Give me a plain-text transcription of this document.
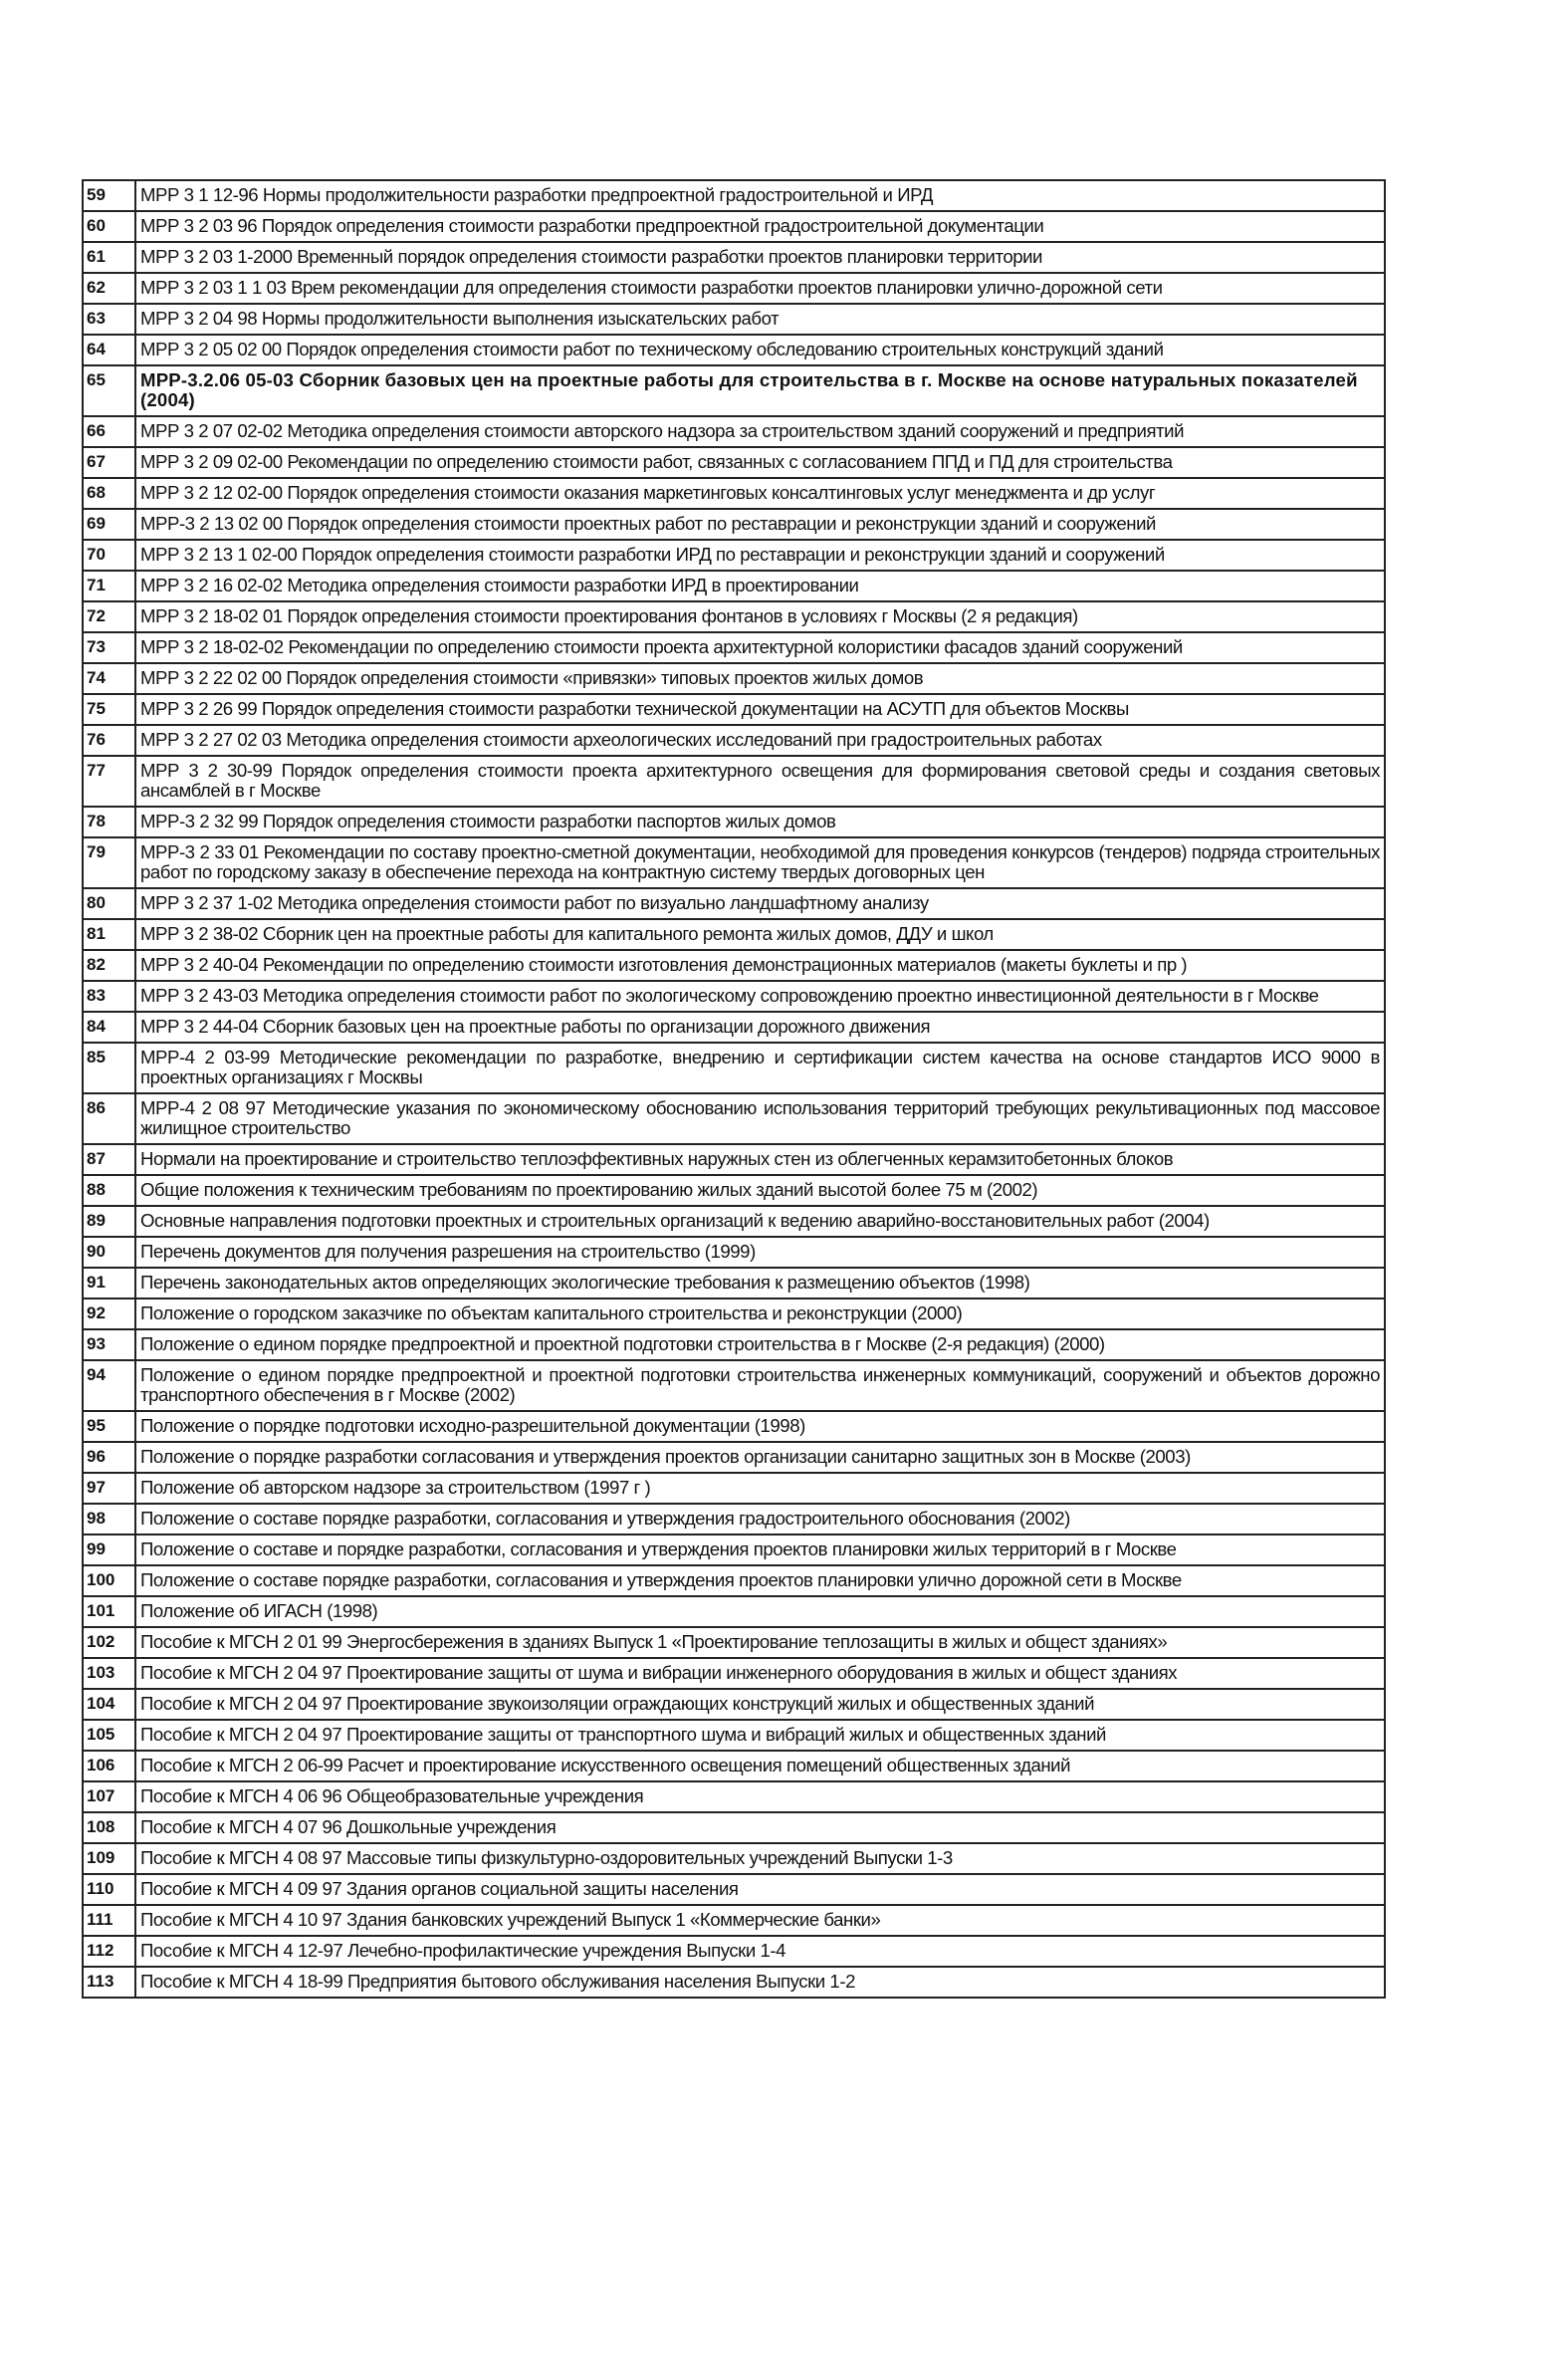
59	МРР 3 1 12-96 Нормы продолжительности разработки предпроектной градостроительной и ИРД
60	МРР 3 2 03 96 Порядок определения стоимости разработки предпроектной градостроительной документации
61	МРР 3 2 03 1-2000 Временный порядок определения стоимости разработки проектов планировки территории
62	МРР 3 2 03 1 1 03 Врем рекомендации для определения стоимости разработки проектов планировки улично-дорожной сети
63	МРР 3 2 04 98 Нормы продолжительности выполнения изыскательских работ
64	МРР 3 2 05 02 00 Порядок определения стоимости работ по техническому обследованию строительных конструкций зданий
65	МРР-3.2.06 05-03 Сборник базовых цен на проектные работы для строительства в г. Москве на основе натуральных показателей (2004)
66	МРР 3 2 07 02-02 Методика определения стоимости авторского надзора за строительством зданий сооружений и предприятий
67	МРР 3 2 09 02-00 Рекомендации по определению стоимости работ, связанных с согласованием ППД и ПД для строительства
68	МРР 3 2 12 02-00 Порядок определения стоимости оказания маркетинговых консалтинговых услуг менеджмента и др услуг
69	МРР-3 2 13 02 00 Порядок определения стоимости проектных работ по реставрации и реконструкции зданий и сооружений
70	МРР 3 2 13 1 02-00 Порядок определения стоимости разработки ИРД по реставрации и реконструкции зданий и сооружений
71	МРР 3 2 16 02-02 Методика определения стоимости разработки ИРД в проектировании
72	МРР 3 2 18-02 01 Порядок определения стоимости проектирования фонтанов в условиях г Москвы (2 я редакция)
73	МРР 3 2 18-02-02 Рекомендации по определению стоимости проекта архитектурной колористики фасадов зданий сооружений
74	МРР 3 2 22 02 00 Порядок определения стоимости «привязки» типовых проектов жилых домов
75	МРР 3 2 26 99 Порядок определения стоимости разработки технической документации на АСУТП для объектов Москвы
76	МРР 3 2 27 02 03 Методика определения стоимости археологических исследований при градостроительных работах
77	МРР 3 2 30-99 Порядок определения стоимости проекта архитектурного освещения для формирования световой среды и создания световых ансамблей в г Москве
78	МРР-3 2 32 99 Порядок определения стоимости разработки паспортов жилых домов
79	МРР-3 2 33 01 Рекомендации по составу проектно-сметной документации, необходимой для проведения конкурсов (тендеров) подряда строительных работ по городскому заказу в обеспечение перехода на контрактную систему твердых договорных цен
80	МРР 3 2 37 1-02 Методика определения стоимости работ по визуально ландшафтному анализу
81	МРР 3 2 38-02 Сборник цен на проектные работы для капитального ремонта жилых домов, ДДУ и школ
82	МРР 3 2 40-04 Рекомендации по определению стоимости изготовления демонстрационных материалов (макеты буклеты и пр )
83	МРР 3 2 43-03 Методика определения стоимости работ по экологическому сопровождению проектно инвестиционной деятельности в г Москве
84	МРР 3 2 44-04 Сборник базовых цен на проектные работы по организации дорожного движения
85	МРР-4 2 03-99 Методические рекомендации по разработке, внедрению и сертификации систем качества на основе стандартов ИСО 9000 в проектных организациях г Москвы
86	МРР-4 2 08 97 Методические указания по экономическому обоснованию использования территорий требующих рекультивационных под массовое жилищное строительство
87	Нормали на проектирование и строительство теплоэффективных наружных стен из облегченных керамзитобетонных блоков
88	Общие положения к техническим требованиям по проектированию жилых зданий высотой более 75 м (2002)
89	Основные направления подготовки проектных и строительных организаций к ведению аварийно-восстановительных работ (2004)
90	Перечень документов для получения разрешения на строительство (1999)
91	Перечень законодательных актов определяющих экологические требования к размещению объектов (1998)
92	Положение о городском заказчике по объектам капитального строительства и реконструкции (2000)
93	Положение о едином порядке предпроектной и проектной подготовки строительства в г Москве (2-я редакция) (2000)
94	Положение о едином порядке предпроектной и проектной подготовки строительства инженерных коммуникаций, сооружений и объектов дорожно транспортного обеспечения в г Москве (2002)
95	Положение о порядке подготовки исходно-разрешительной документации (1998)
96	Положение о порядке разработки согласования и утверждения проектов организации санитарно защитных зон в Москве (2003)
97	Положение об авторском надзоре за строительством (1997 г )
98	Положение о составе порядке разработки, согласования и утверждения градостроительного обоснования (2002)
99	Положение о составе и порядке разработки, согласования и утверждения проектов планировки жилых территорий в г Москве
100	Положение о составе порядке разработки, согласования и утверждения проектов планировки улично дорожной сети в Москве
101	Положение об ИГАСН (1998)
102	Пособие к МГСН 2 01 99 Энергосбережения в зданиях Выпуск 1 «Проектирование теплозащиты в жилых и общест зданиях»
103	Пособие к МГСН 2 04 97 Проектирование защиты от шума и вибрации инженерного оборудования в жилых и общест зданиях
104	Пособие к МГСН 2 04 97 Проектирование звукоизоляции ограждающих конструкций жилых и общественных зданий
105	Пособие к МГСН 2 04 97 Проектирование защиты от транспортного шума и вибраций жилых и общественных зданий
106	Пособие к МГСН 2 06-99 Расчет и проектирование искусственного освещения помещений общественных зданий
107	Пособие к МГСН 4 06 96 Общеобразовательные учреждения
108	Пособие к МГСН 4 07 96 Дошкольные учреждения
109	Пособие к МГСН 4 08 97 Массовые типы физкультурно-оздоровительных учреждений Выпуски 1-3
110	Пособие к МГСН 4 09 97 Здания органов социальной защиты населения
111	Пособие к МГСН 4 10 97 Здания банковских учреждений Выпуск 1 «Коммерческие банки»
112	Пособие к МГСН 4 12-97 Лечебно-профилактические учреждения Выпуски 1-4
113	Пособие к МГСН 4 18-99 Предприятия бытового обслуживания населения Выпуски 1-2
